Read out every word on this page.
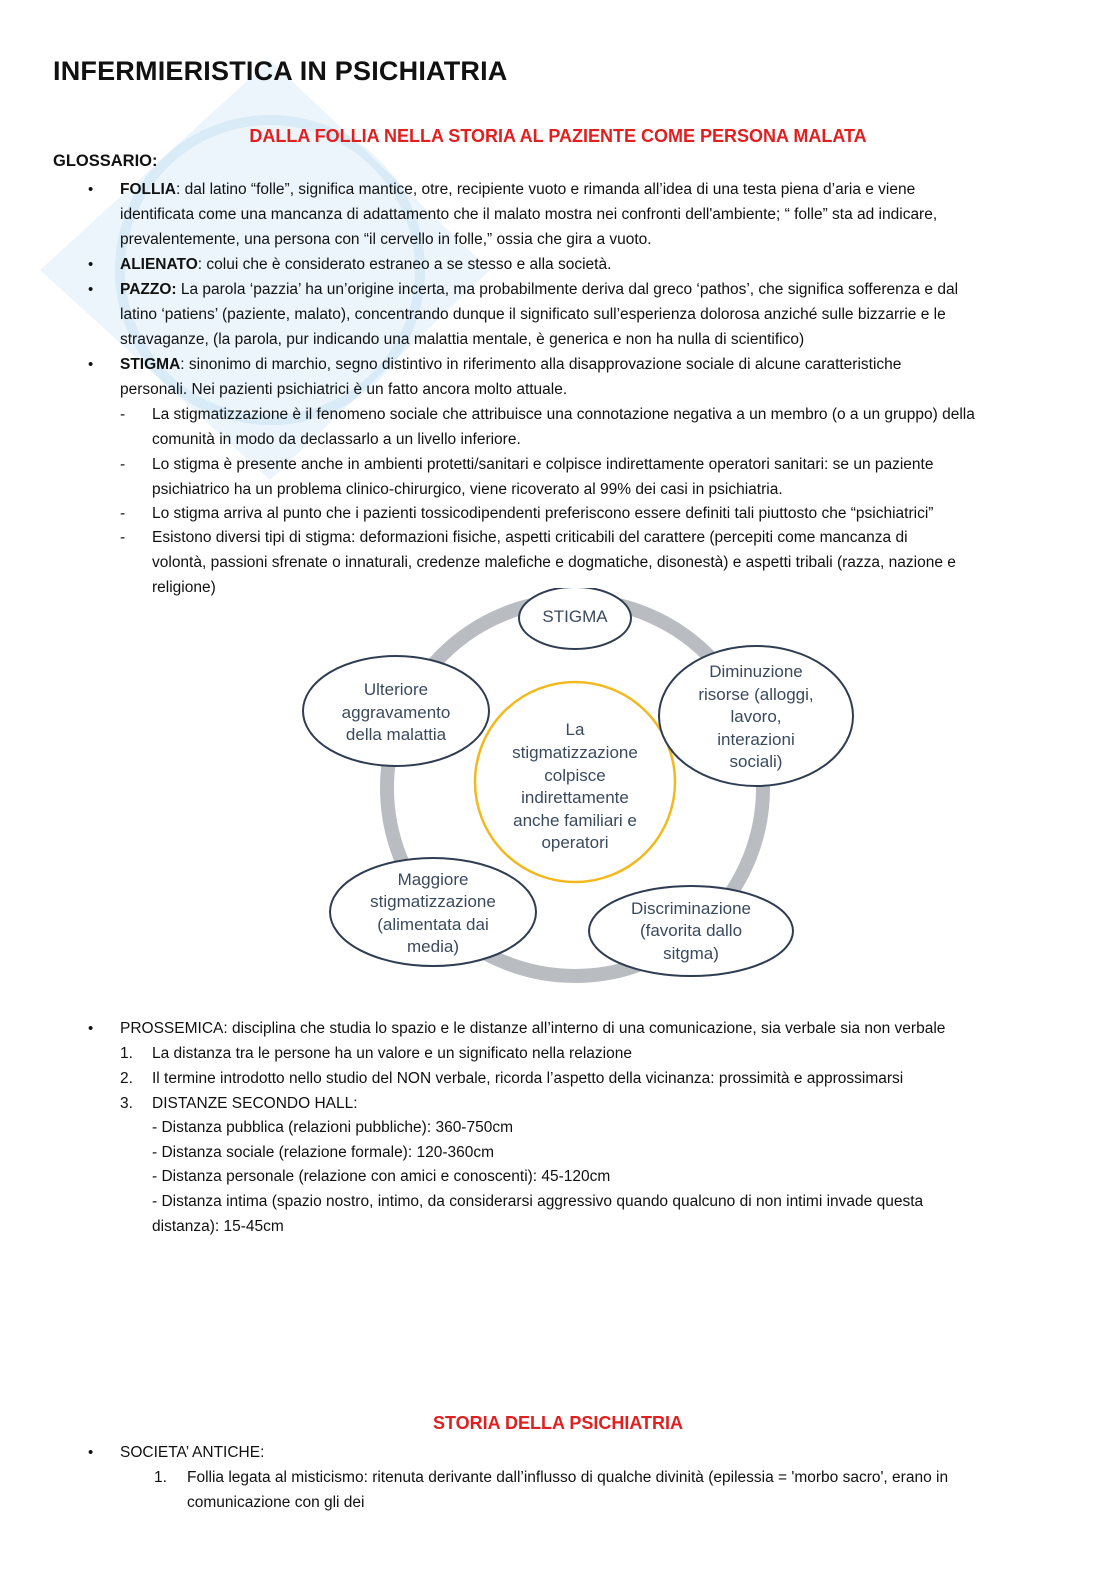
INFERMIERISTICA IN PSICHIATRIA
DALLA FOLLIA NELLA STORIA AL PAZIENTE COME PERSONA MALATA
GLOSSARIO:
• FOLLIA: dal latino “folle”, significa mantice, otre, recipiente vuoto e rimanda all’idea di una testa piena d’aria e viene
identificata come una mancanza di adattamento che il malato mostra nei confronti dell'ambiente; “ folle” sta ad indicare,
prevalentemente, una persona con “il cervello in folle,” ossia che gira a vuoto.
• ALIENATO: colui che è considerato estraneo a se stesso e alla società.
• PAZZO: La parola ‘pazzia’ ha un’origine incerta, ma probabilmente deriva dal greco ‘pathos’, che significa sofferenza e dal
latino ‘patiens’ (paziente, malato), concentrando dunque il significato sull’esperienza dolorosa anziché sulle bizzarrie e le
stravaganze, (la parola, pur indicando una malattia mentale, è generica e non ha nulla di scientifico)
• STIGMA: sinonimo di marchio, segno distintivo in riferimento alla disapprovazione sociale di alcune caratteristiche
personali. Nei pazienti psichiatrici è un fatto ancora molto attuale.
- La stigmatizzazione è il fenomeno sociale che attribuisce una connotazione negativa a un membro (o a un gruppo) della
comunità in modo da declassarlo a un livello inferiore.
- Lo stigma è presente anche in ambienti protetti/sanitari e colpisce indirettamente operatori sanitari: se un paziente
psichiatrico ha un problema clinico-chirurgico, viene ricoverato al 99% dei casi in psichiatria.
- Lo stigma arriva al punto che i pazienti tossicodipendenti preferiscono essere definiti tali piuttosto che “psichiatrici”
- Esistono diversi tipi di stigma: deformazioni fisiche, aspetti criticabili del carattere (percepiti come mancanza di
volontà, passioni sfrenate o innaturali, credenze malefiche e dogmatiche, disonestà) e aspetti tribali (razza, nazione e
religione)
La
stigmatizzazione
colpisce
indirettamente
anche familiari e
operatori
STIGMA
Diminuzione
risorse (alloggi,
lavoro,
interazioni
sociali)
Discriminazione
(favorita dallo
sitgma)
Maggiore
stigmatizzazione
(alimentata dai
media)
Ulteriore
aggravamento
della malattia
• PROSSEMICA: disciplina che studia lo spazio e le distanze all’interno di una comunicazione, sia verbale sia non verbale
1. La distanza tra le persone ha un valore e un significato nella relazione
2. Il termine introdotto nello studio del NON verbale, ricorda l’aspetto della vicinanza: prossimità e approssimarsi
3. DISTANZE SECONDO HALL:
- Distanza pubblica (relazioni pubbliche): 360-750cm
- Distanza sociale (relazione formale): 120-360cm
- Distanza personale (relazione con amici e conoscenti): 45-120cm
- Distanza intima (spazio nostro, intimo, da considerarsi aggressivo quando qualcuno di non intimi invade questa
distanza): 15-45cm
STORIA DELLA PSICHIATRIA
• SOCIETA’ ANTICHE:
1. Follia legata al misticismo: ritenuta derivante dall’influsso di qualche divinità (epilessia = 'morbo sacro', erano in
comunicazione con gli dei
